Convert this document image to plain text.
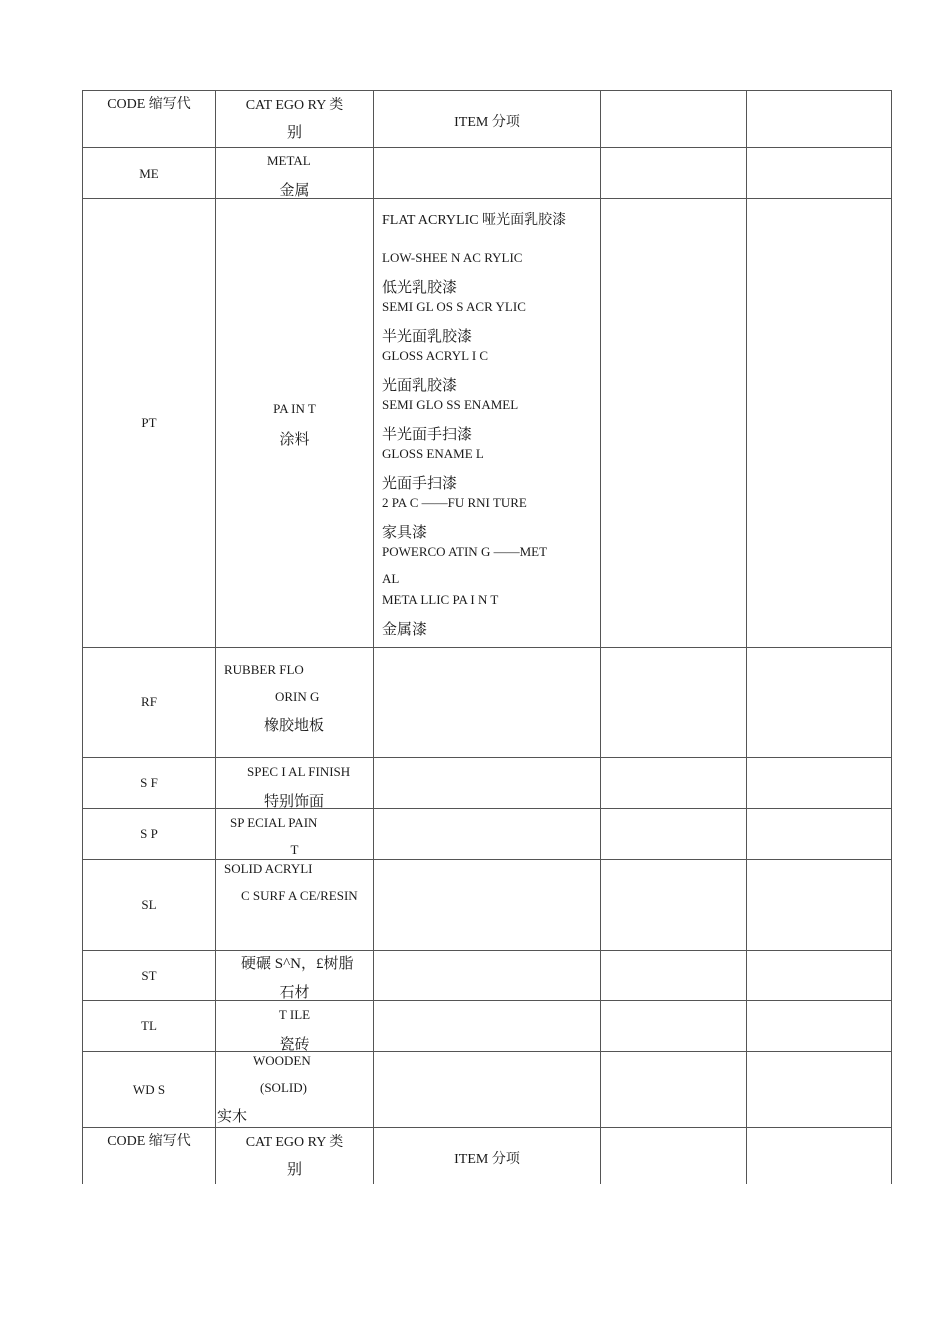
CODE 缩写代	CAT EGO RY 类
别
ITEM 分项
ME
METAL
金属
PT
PA IN T
涂料
FLAT ACRYLIC 哑光面乳胶漆
LOW-SHEE N AC RYLIC
低光乳胶漆
SEMI GL OS S ACR YLIC
半光面乳胶漆
GLOSS ACRYL I C
光面乳胶漆
SEMI GLO SS ENAMEL
半光面手扫漆
GLOSS ENAME L
光面手扫漆
2 PA C ——FU RNI TURE
家具漆
POWERCO ATIN G ——MET
AL
META LLIC PA I N T
金属漆
RF
RUBBER FLO
ORIN G
橡胶地板
S F
SPEC I AL FINISH
特别饰面
S P
SP ECIAL PAIN
T
SL
SOLID ACRYLI
C SURF A CE/RESIN
ST
硬碾 S^N，£树脂
石材
TL
T ILE
瓷砖
WD S
WOODEN
(SOLID)
实木
CODE 缩写代	CAT EGO RY 类
别
ITEM 分项
